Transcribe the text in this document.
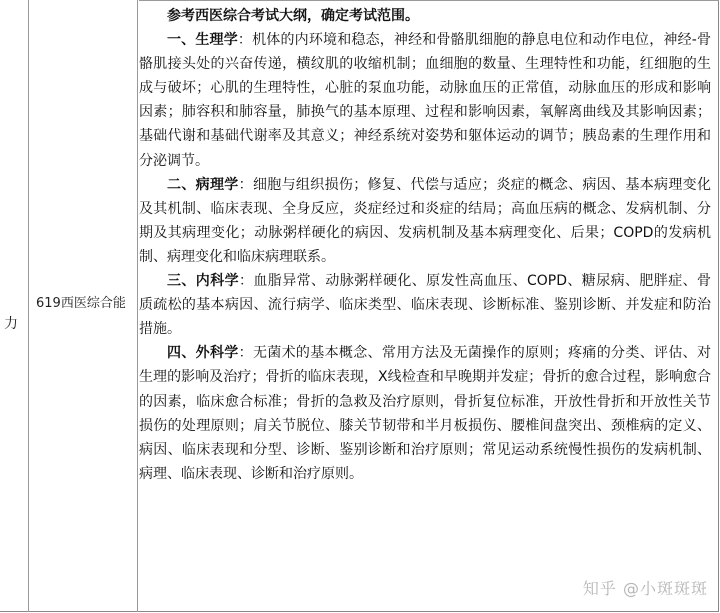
619西医综合能
力

参考西医综合考试大纲，确定考试范围。

一、生理学：机体的内环境和稳态，神经和骨骼肌细胞的静息电位和动作电位，神经-骨骼肌接头处的兴奋传递，横纹肌的收缩机制；血细胞的数量、生理特性和功能，红细胞的生成与破坏；心肌的生理特性，心脏的泵血功能，动脉血压的正常值，动脉血压的形成和影响因素；肺容积和肺容量，肺换气的基本原理、过程和影响因素，氧解离曲线及其影响因素；基础代谢和基础代谢率及其意义；神经系统对姿势和躯体运动的调节；胰岛素的生理作用和分泌调节。

二、病理学：细胞与组织损伤；修复、代偿与适应；炎症的概念、病因、基本病理变化及其机制、临床表现、全身反应，炎症经过和炎症的结局；高血压病的概念、发病机制、分期及其病理变化；动脉粥样硬化的病因、发病机制及基本病理变化、后果；COPD的发病机制、病理变化和临床病理联系。

三、内科学：血脂异常、动脉粥样硬化、原发性高血压、COPD、糖尿病、肥胖症、骨质疏松的基本病因、流行病学、临床类型、临床表现、诊断标准、鉴别诊断、并发症和防治措施。

四、外科学：无菌术的基本概念、常用方法及无菌操作的原则；疼痛的分类、评估、对生理的影响及治疗；骨折的临床表现，X线检查和早晚期并发症；骨折的愈合过程，影响愈合的因素，临床愈合标准；骨折的急救及治疗原则，骨折复位标准，开放性骨折和开放性关节损伤的处理原则；肩关节脱位、膝关节韧带和半月板损伤、腰椎间盘突出、颈椎病的定义、病因、临床表现和分型、诊断、鉴别诊断和治疗原则；常见运动系统慢性损伤的发病机制、病理、临床表现、诊断和治疗原则。

知乎 @小斑斑斑
